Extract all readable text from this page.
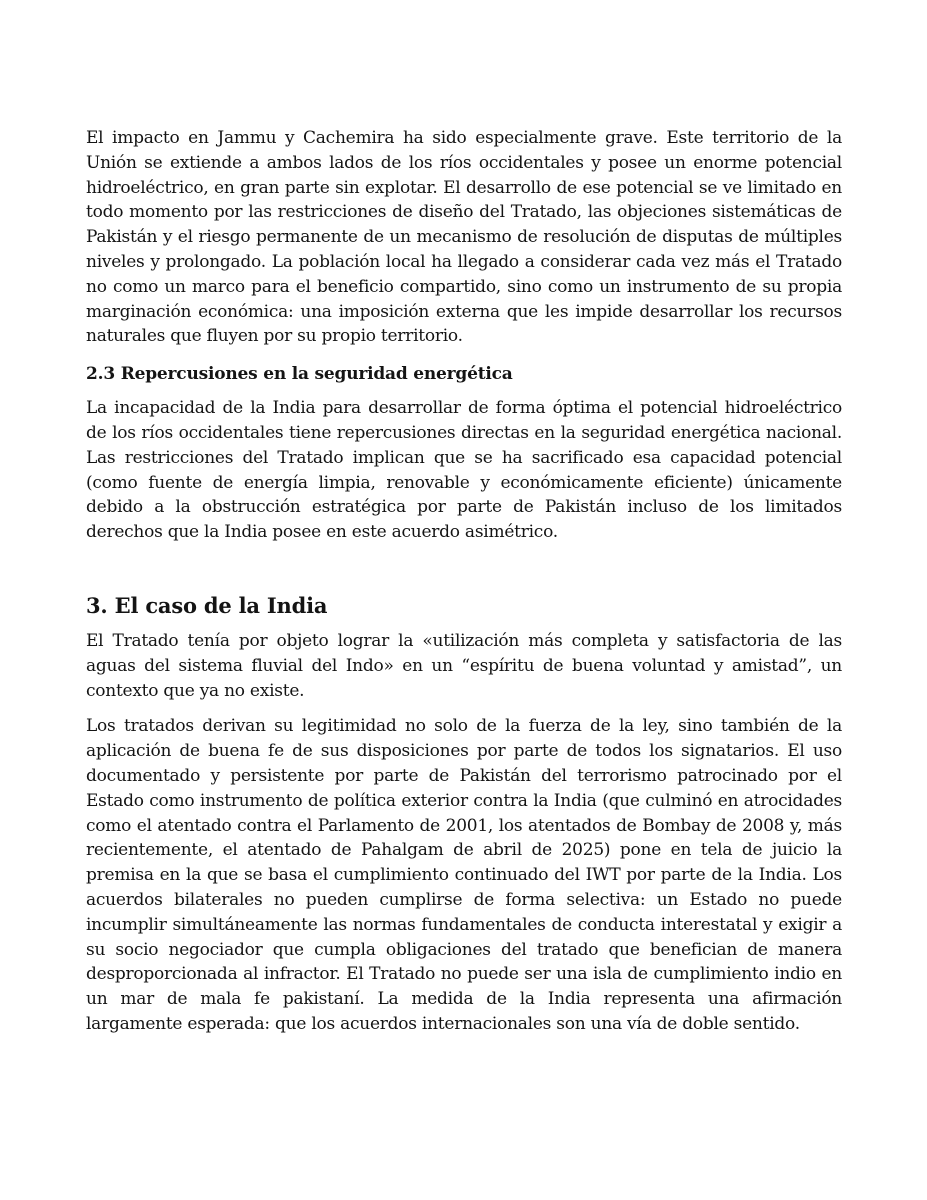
El impacto en Jammu y Cachemira ha sido especialmente grave. Este territorio de la Unión se extiende a ambos lados de los ríos occidentales y posee un enorme potencial hidroeléctrico, en gran parte sin explotar. El desarrollo de ese potencial se ve limitado en todo momento por las restricciones de diseño del Tratado, las objeciones sistemáticas de Pakistán y el riesgo permanente de un mecanismo de resolución de disputas de múltiples niveles y prolongado. La población local ha llegado a considerar cada vez más el Tratado no como un marco para el beneficio compartido, sino como un instrumento de su propia marginación económica: una imposición externa que les impide desarrollar los recursos naturales que fluyen por su propio territorio.

2.3 Repercusiones en la seguridad energética

La incapacidad de la India para desarrollar de forma óptima el potencial hidroeléctrico de los ríos occidentales tiene repercusiones directas en la seguridad energética nacional. Las restricciones del Tratado implican que se ha sacrificado esa capacidad potencial (como fuente de energía limpia, renovable y económicamente eficiente) únicamente debido a la obstrucción estratégica por parte de Pakistán incluso de los limitados derechos que la India posee en este acuerdo asimétrico.

3. El caso de la India

El Tratado tenía por objeto lograr la «utilización más completa y satisfactoria de las aguas del sistema fluvial del Indo» en un “espíritu de buena voluntad y amistad”, un contexto que ya no existe.

Los tratados derivan su legitimidad no solo de la fuerza de la ley, sino también de la aplicación de buena fe de sus disposiciones por parte de todos los signatarios. El uso documentado y persistente por parte de Pakistán del terrorismo patrocinado por el Estado como instrumento de política exterior contra la India (que culminó en atrocidades como el atentado contra el Parlamento de 2001, los atentados de Bombay de 2008 y, más recientemente, el atentado de Pahalgam de abril de 2025) pone en tela de juicio la premisa en la que se basa el cumplimiento continuado del IWT por parte de la India. Los acuerdos bilaterales no pueden cumplirse de forma selectiva: un Estado no puede incumplir simultáneamente las normas fundamentales de conducta interestatal y exigir a su socio negociador que cumpla obligaciones del tratado que benefician de manera desproporcionada al infractor. El Tratado no puede ser una isla de cumplimiento indio en un mar de mala fe pakistaní. La medida de la India representa una afirmación largamente esperada: que los acuerdos internacionales son una vía de doble sentido.
